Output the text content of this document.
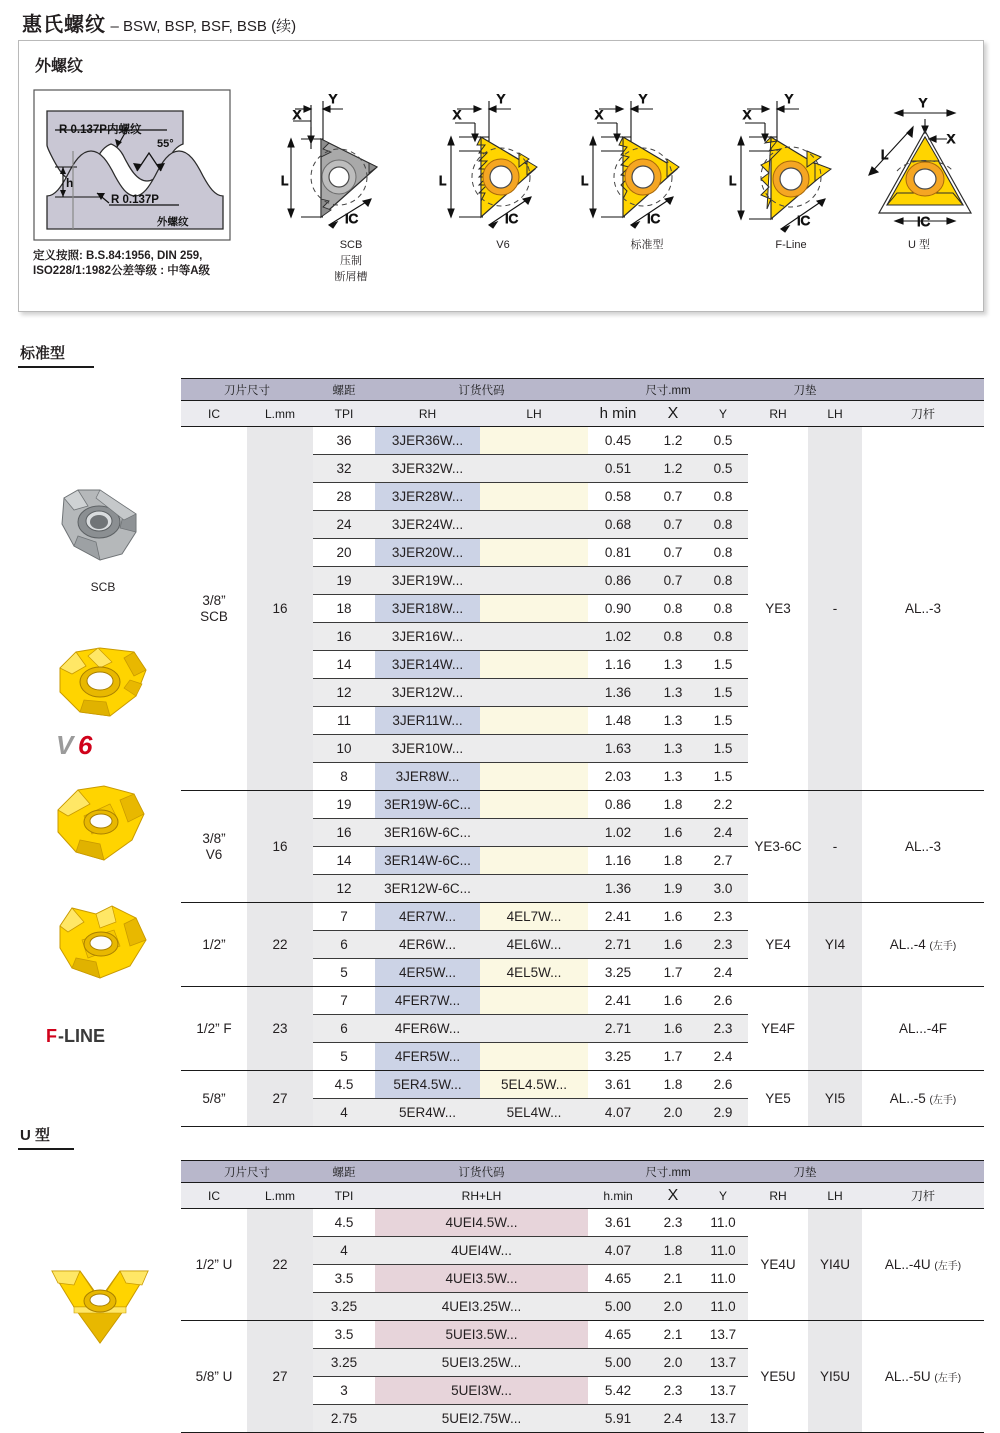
惠氏螺纹 – BSW, BSP, BSF, BSB (续)
外螺纹
55°
R 0.137P内螺纹
h
R 0.137P
外螺纹
定义按照: B.S.84:1956, DIN 259,
ISO228/1:1982公差等级 : 中等A级
Y
X
L
IC
SCB
压制
断屑槽
Y
X
L
IC
V6
Y
X
L
IC
标准型
Y
X
L
IC
F-Line
Y
X
L
IC
U 型
标准型
SCB
V 6
F -LINE
刀片尺寸		螺距	订货代码		尺寸.mm			刀垫		
IC	L.mm	TPI	RH	LH	h min	X	Y	RH	LH	刀杆

3/8”
SCB	16	36	3JER36W...		0.45	1.2	0.5	YE3	-	AL..-3
		32	3JER32W...		0.51	1.2	0.5			
		28	3JER28W...		0.58	0.7	0.8			
		24	3JER24W...		0.68	0.7	0.8			
		20	3JER20W...		0.81	0.7	0.8			
		19	3JER19W...		0.86	0.7	0.8			
		18	3JER18W...		0.90	0.8	0.8			
		16	3JER16W...		1.02	0.8	0.8			
		14	3JER14W...		1.16	1.3	1.5			
		12	3JER12W...		1.36	1.3	1.5			
		11	3JER11W...		1.48	1.3	1.5			
		10	3JER10W...		1.63	1.3	1.5			
		8	3JER8W...		2.03	1.3	1.5			

3/8”
V6	16	19	3ER19W-6C...		0.86	1.8	2.2	YE3-6C	-	AL..-3
		16	3ER16W-6C...		1.02	1.6	2.4			
		14	3ER14W-6C...		1.16	1.8	2.7			
		12	3ER12W-6C...		1.36	1.9	3.0			

1/2”	22	7	4ER7W...	4EL7W...	2.41	1.6	2.3	YE4	YI4	AL..-4 (左手)
		6	4ER6W...	4EL6W...	2.71	1.6	2.3			
		5	4ER5W...	4EL5W...	3.25	1.7	2.4			

1/2” F	23	7	4FER7W...		2.41	1.6	2.6	YE4F		AL...-4F
		6	4FER6W...		2.71	1.6	2.3			
		5	4FER5W...		3.25	1.7	2.4			

5/8”	27	4.5	5ER4.5W...	5EL4.5W...	3.61	1.8	2.6	YE5	YI5	AL..-5 (左手)
		4	5ER4W...	5EL4W...	4.07	2.0	2.9			
U 型
刀片尺寸		螺距	订货代码	尺寸.mm			刀垫		
IC	L.mm	TPI	RH+LH	h.min	X	Y	RH	LH	刀杆
1/2” U	22	4.5	4UEI4.5W...	3.61	2.3	11.0	YE4U	YI4U	AL..-4U (左手)
		4	4UEI4W...	4.07	1.8	11.0			
		3.5	4UEI3.5W...	4.65	2.1	11.0			
		3.25	4UEI3.25W...	5.00	2.0	11.0			
5/8” U	27	3.5	5UEI3.5W...	4.65	2.1	13.7	YE5U	YI5U	AL..-5U (左手)
		3.25	5UEI3.25W...	5.00	2.0	13.7			
		3	5UEI3W...	5.42	2.3	13.7			
		2.75	5UEI2.75W...	5.91	2.4	13.7			
